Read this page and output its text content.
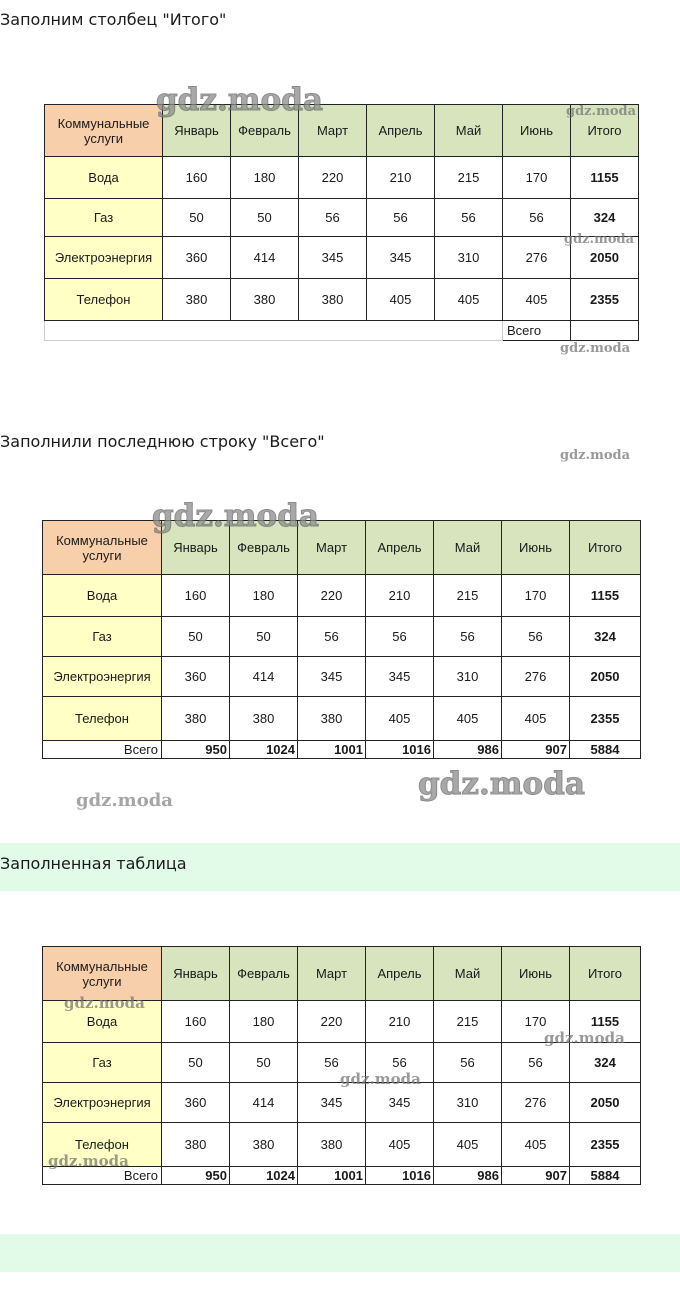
Заполним столбец "Итого"
Коммунальные услуги	Январь	Февраль	Март	Апрель	Май	Июнь	Итого
Вода	160	180	220	210	215	170	1155
Газ	50	50	56	56	56	56	324
Электроэнергия	360	414	345	345	310	276	2050
Телефон	380	380	380	405	405	405	2355
						Всего	
gdz.moda	gdz.moda
gdz.moda
gdz.moda
Заполнили последнюю строку "Всего"
gdz.moda
Коммунальные услуги	Январь	Февраль	Март	Апрель	Май	Июнь	Итого
Вода	160	180	220	210	215	170	1155
Газ	50	50	56	56	56	56	324
Электроэнергия	360	414	345	345	310	276	2050
Телефон	380	380	380	405	405	405	2355
Всего	950	1024	1001	1016	986	907	5884
gdz.moda
gdz.moda
gdz.moda
Заполненная таблица
Коммунальные услуги	Январь	Февраль	Март	Апрель	Май	Июнь	Итого
Вода	160	180	220	210	215	170	1155
Газ	50	50	56	56	56	56	324
Электроэнергия	360	414	345	345	310	276	2050
Телефон	380	380	380	405	405	405	2355
Всего	950	1024	1001	1016	986	907	5884
gdz.moda
gdz.moda
gdz.moda
gdz.moda
